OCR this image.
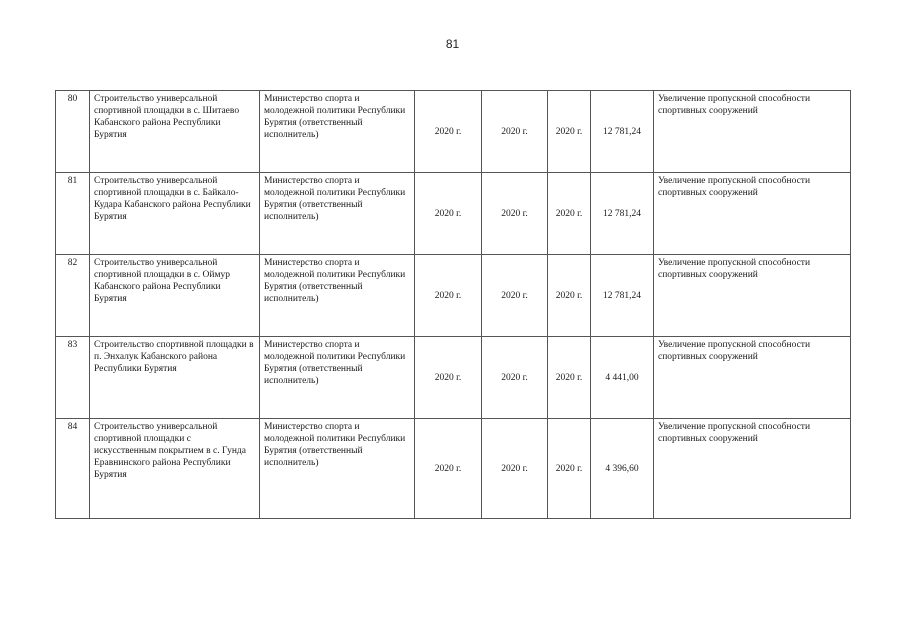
81
80	Строительство универсальной спортивной площадки в с. Шитаево Кабанского района Республики Бурятия	Министерство спорта и молодежной политики Республики Бурятия (ответственный исполнитель)	2020 г.	2020 г.	2020 г.	12 781,24	Увеличение пропускной способности спортивных сооружений
81	Строительство универсальной спортивной площадки в с. Байкало-Кудара Кабанского района Республики Бурятия	Министерство спорта и молодежной политики Республики Бурятия (ответственный исполнитель)	2020 г.	2020 г.	2020 г.	12 781,24	Увеличение пропускной способности спортивных сооружений
82	Строительство универсальной спортивной площадки в с. Оймур Кабанского района Республики Бурятия	Министерство спорта и молодежной политики Республики Бурятия (ответственный исполнитель)	2020 г.	2020 г.	2020 г.	12 781,24	Увеличение пропускной способности спортивных сооружений
83	Строительство спортивной площадки в п. Энхалук Кабанского района Республики Бурятия	Министерство спорта и молодежной политики Республики Бурятия (ответственный исполнитель)	2020 г.	2020 г.	2020 г.	4 441,00	Увеличение пропускной способности спортивных сооружений
84	Строительство универсальной спортивной площадки с искусственным покрытием в с. Гунда Еравнинского района Республики Бурятия	Министерство спорта и молодежной политики Республики Бурятия (ответственный исполнитель)	2020 г.	2020 г.	2020 г.	4 396,60	Увеличение пропускной способности спортивных сооружений
